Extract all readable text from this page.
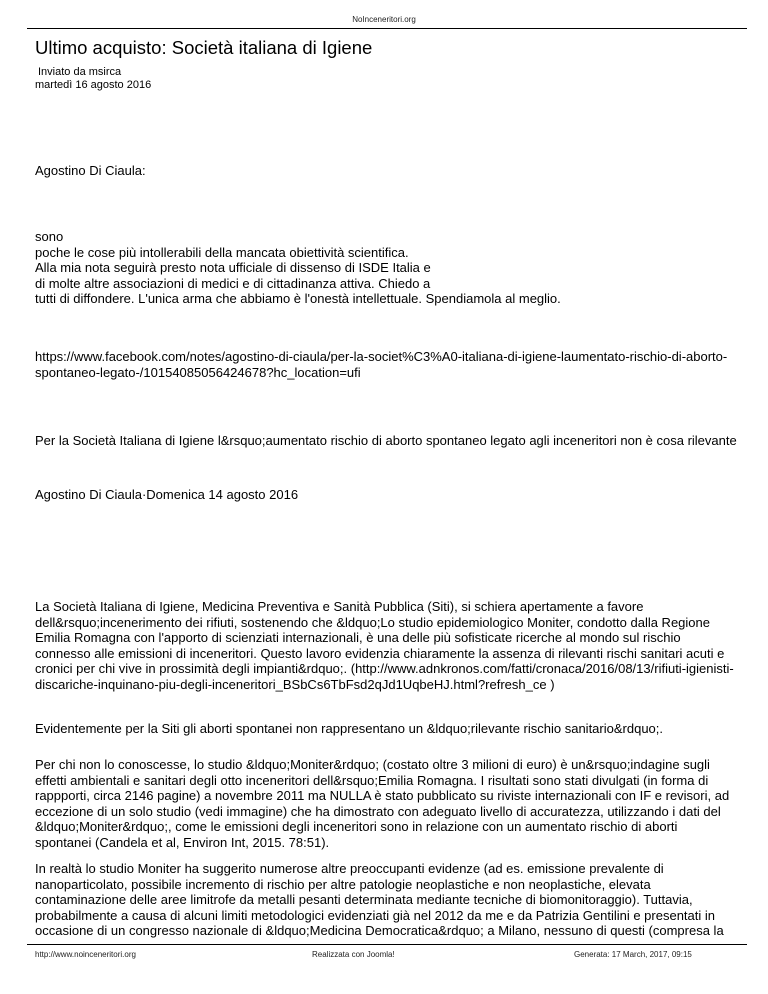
NoInceneritori.org
Ultimo acquisto: Società italiana di Igiene
Inviato da msirca
martedì 16 agosto 2016

Agostino Di Ciaula:

sono
poche le cose più intollerabili della mancata obiettività scientifica.
Alla mia nota seguirà presto nota ufficiale di dissenso di ISDE Italia e
di molte altre associazioni di medici e di cittadinanza attiva. Chiedo a
tutti di diffondere. L'unica arma che abbiamo è l'onestà intellettuale. Spendiamola al meglio.

https://www.facebook.com/notes/agostino-di-ciaula/per-la-societ%C3%A0-italiana-di-igiene-laumentato-rischio-di-aborto-
spontaneo-legato-/10154085056424678?hc_location=ufi

Per la Società Italiana di Igiene l&rsquo;aumentato rischio di aborto spontaneo legato agli inceneritori non è cosa rilevante

Agostino Di Ciaula·Domenica 14 agosto 2016

La Società Italiana di Igiene, Medicina Preventiva e Sanità Pubblica (Siti), si schiera apertamente a favore
dell&rsquo;incenerimento dei rifiuti, sostenendo che &ldquo;Lo studio epidemiologico Moniter, condotto dalla Regione
Emilia Romagna con l'apporto di scienziati internazionali, è una delle più sofisticate ricerche al mondo sul rischio
connesso alle emissioni di inceneritori. Questo lavoro evidenzia chiaramente la assenza di rilevanti rischi sanitari acuti e
cronici per chi vive in prossimità degli impianti&rdquo;. (http://www.adnkronos.com/fatti/cronaca/2016/08/13/rifiuti-igienisti-
discariche-inquinano-piu-degli-inceneritori_BSbCs6TbFsd2qJd1UqbeHJ.html?refresh_ce )

Evidentemente per la Siti gli aborti spontanei non rappresentano un &ldquo;rilevante rischio sanitario&rdquo;.

Per chi non lo conoscesse, lo studio &ldquo;Moniter&rdquo; (costato oltre 3 milioni di euro) è un&rsquo;indagine sugli
effetti ambientali e sanitari degli otto inceneritori dell&rsquo;Emilia Romagna. I risultati sono stati divulgati (in forma di
rappporti, circa 2146 pagine) a novembre 2011 ma NULLA è stato pubblicato su riviste internazionali con IF e revisori, ad
eccezione di un solo studio (vedi immagine) che ha dimostrato con adeguato livello di accuratezza, utilizzando i dati del
&ldquo;Moniter&rdquo;, come le emissioni degli inceneritori sono in relazione con un aumentato rischio di aborti
spontanei (Candela et al, Environ Int, 2015. 78:51).

In realtà lo studio Moniter ha suggerito numerose altre preoccupanti evidenze (ad es. emissione prevalente di
nanoparticolato, possibile incremento di rischio per altre patologie neoplastiche e non neoplastiche, elevata
contaminazione delle aree limitrofe da metalli pesanti determinata mediante tecniche di biomonitoraggio). Tuttavia,
probabilmente a causa di alcuni limiti metodologici evidenziati già nel 2012 da me e da Patrizia Gentilini e presentati in
occasione di un congresso nazionale di &ldquo;Medicina Democratica&rdquo; a Milano, nessuno di questi (compresa la

http://www.noinceneritori.org	Realizzata con Joomla!	Generata: 17 March, 2017, 09:15
